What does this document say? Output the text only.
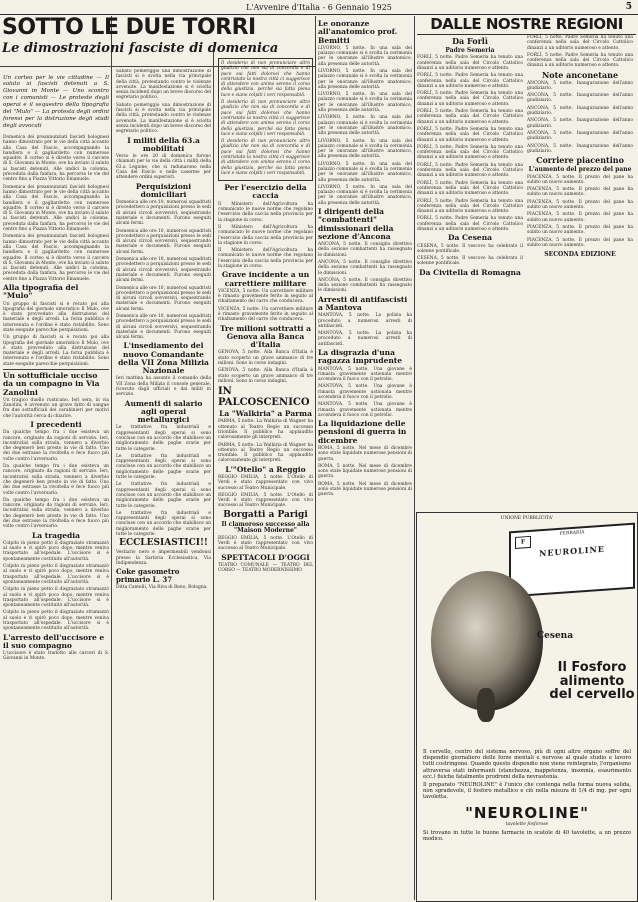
L'Avvenire d'Italia - 6 Gennaio 1925	5
SOTTO LE DUE TORRI
Le dimostrazioni fasciste di domenica

Un corteo per le vie cittadine — Il saluto ai fascisti detenuti a S. Giovanni in Monte — Uno scontro con i comunisti — Le proteste degli operai e il sequestro della tipografia del "Mulo" — La protesta degli ordini forensi per la distruzione degli studi degli avvocati

Domenica dei preannunziati fascisti bolognesi hanno dimostrato per le vie della città accanto alla Casa del Fascio, accompagnando la bandiera e il gagliardetto con numerose squadre. Il corteo si è diretto verso il carcere di S. Giovanni in Monte, ove ha inviato il saluto ai fascisti detenuti. Alle undici la colonna, preceduta dalla fanfara, ha percorso le vie del centro fino a Piazza Vittorio Emanuele.

Domenica dei preannunziati fascisti bolognesi hanno dimostrato per le vie della città accanto alla Casa del Fascio, accompagnando la bandiera e il gagliardetto con numerose squadre. Il corteo si è diretto verso il carcere di S. Giovanni in Monte, ove ha inviato il saluto ai fascisti detenuti. Alle undici la colonna, preceduta dalla fanfara, ha percorso le vie del centro fino a Piazza Vittorio Emanuele.

Domenica dei preannunziati fascisti bolognesi hanno dimostrato per le vie della città accanto alla Casa del Fascio, accompagnando la bandiera e il gagliardetto con numerose squadre. Il corteo si è diretto verso il carcere di S. Giovanni in Monte, ove ha inviato il saluto ai fascisti detenuti. Alle undici la colonna, preceduta dalla fanfara, ha percorso le vie del centro fino a Piazza Vittorio Emanuele.

Alla tipografia del "Mulo"

Un gruppo di fascisti si è recato poi alla tipografia del giornale umoristico Il Mulo, ove è stato provveduto alla distruzione del materiale e degli arredi. La forza pubblica è intervenuta e l'ordine è stato ristabilito. Sono state eseguite parecchie perquisizioni.

Un gruppo di fascisti si è recato poi alla tipografia del giornale umoristico Il Mulo, ove è stato provveduto alla distruzione del materiale e degli arredi. La forza pubblica è intervenuta e l'ordine è stato ristabilito. Sono state eseguite parecchie perquisizioni.

Un sottufficiale ucciso da un compagno in Via Zanolini

Un tragico duello rusticano. Ieri sera, in via Zanolini, è avvenuto un grave fatto di sangue fra due sottufficiali dei carabinieri per motivi che l'autorità cerca di chiarire.

I precedenti

Da qualche tempo fra i due esisteva un rancore, originato da ragioni di servizio. Ieri, incontratisi sulla strada, vennero a diverbio che degenerò ben presto in vie di fatto. Uno dei due estrasse la rivoltella e fece fuoco più volte contro l'avversario.

Da qualche tempo fra i due esisteva un rancore, originato da ragioni di servizio. Ieri, incontratisi sulla strada, vennero a diverbio che degenerò ben presto in vie di fatto. Uno dei due estrasse la rivoltella e fece fuoco più volte contro l'avversario.

Da qualche tempo fra i due esisteva un rancore, originato da ragioni di servizio. Ieri, incontratisi sulla strada, vennero a diverbio che degenerò ben presto in vie di fatto. Uno dei due estrasse la rivoltella e fece fuoco più volte contro l'avversario.

La tragedia

Colpito in pieno petto il disgraziato stramazzò al suolo e vi spirò poco dopo, mentre veniva trasportato all'ospedale. L'uccisore si è spontaneamente costituito all'autorità.

Colpito in pieno petto il disgraziato stramazzò al suolo e vi spirò poco dopo, mentre veniva trasportato all'ospedale. L'uccisore si è spontaneamente costituito all'autorità.

Colpito in pieno petto il disgraziato stramazzò al suolo e vi spirò poco dopo, mentre veniva trasportato all'ospedale. L'uccisore si è spontaneamente costituito all'autorità.

Colpito in pieno petto il disgraziato stramazzò al suolo e vi spirò poco dopo, mentre veniva trasportato all'ospedale. L'uccisore si è spontaneamente costituito all'autorità.

L'arresto dell'uccisore e il suo compagno

L'uccisore è stato tradotto alle carceri di S. Giovanni in Monte.

Sabato pomeriggio una dimostrazione di fascisti si è svolta nella via principale della città, protestando contro le violenze avvenute. La manifestazione si è sciolta senza incidenti dopo un breve discorso del segretario politico.

Sabato pomeriggio una dimostrazione di fascisti si è svolta nella via principale della città, protestando contro le violenze avvenute. La manifestazione si è sciolta senza incidenti dopo un breve discorso del segretario politico.

I militi della 63.a mobilitati

Verso le ore 20 di domenica furono chiamati per le vie della città i militi della 63.a Legione, che si radunarono nella Casa del Fascio e nelle caserme per attendere ordini superiori.

Perquisizioni domiciliari

Domenica alle ore 10, numerosi squadristi procedettero a perquisizioni presso le sedi di alcuni circoli sovversivi, sequestrando materiale e documenti. Furono eseguiti alcuni fermi.

Domenica alle ore 10, numerosi squadristi procedettero a perquisizioni presso le sedi di alcuni circoli sovversivi, sequestrando materiale e documenti. Furono eseguiti alcuni fermi.

Domenica alle ore 10, numerosi squadristi procedettero a perquisizioni presso le sedi di alcuni circoli sovversivi, sequestrando materiale e documenti. Furono eseguiti alcuni fermi.

Domenica alle ore 10, numerosi squadristi procedettero a perquisizioni presso le sedi di alcuni circoli sovversivi, sequestrando materiale e documenti. Furono eseguiti alcuni fermi.

Domenica alle ore 10, numerosi squadristi procedettero a perquisizioni presso le sedi di alcuni circoli sovversivi, sequestrando materiale e documenti. Furono eseguiti alcuni fermi.

L'insediamento del nuovo Comandante della VII Zona Milizia Nazionale

Ieri mattina ha assunto il comando della VII Zona della Milizia il console generale, ricevuto dagli ufficiali e dai militi in servizio.

Aumenti di salario agli operai metallurgici

Le trattative fra industriali e rappresentanti degli operai si sono concluse con un accordo che stabilisce un miglioramento delle paghe orarie per tutte le categorie.

Le trattative fra industriali e rappresentanti degli operai si sono concluse con un accordo che stabilisce un miglioramento delle paghe orarie per tutte le categorie.

Le trattative fra industriali e rappresentanti degli operai si sono concluse con un accordo che stabilisce un miglioramento delle paghe orarie per tutte le categorie.

Le trattative fra industriali e rappresentanti degli operai si sono concluse con un accordo che stabilisce un miglioramento delle paghe orarie per tutte le categorie.

ECCLESIASTICI!!

Vestiario nero e impermeabili vendonsi presso la Sartoria Ecclesiastica, Via Indipendenza.

Coke gasometro primario L. 37

Ditta Cantelli, Via Riva di Reno, Bologna.

Il desiderio di non pronunciare altro giudizio che non sia di concordia e di pace sui fatti dolorosi che hanno contristato la nostra città ci suggerisce di attendere con animo sereno il corso della giustizia, perché sia fatta piena luce e siano colpiti i veri responsabili.

Il desiderio di non pronunciare altro giudizio che non sia di concordia e di pace sui fatti dolorosi che hanno contristato la nostra città ci suggerisce di attendere con animo sereno il corso della giustizia, perché sia fatta piena luce e siano colpiti i veri responsabili.

Il desiderio di non pronunciare altro giudizio che non sia di concordia e di pace sui fatti dolorosi che hanno contristato la nostra città ci suggerisce di attendere con animo sereno il corso della giustizia, perché sia fatta piena luce e siano colpiti i veri responsabili.

Per l'esercizio della caccia

Il Ministero dell'Agricoltura ha comunicato le nuove norme che regolano l'esercizio della caccia nella provincia per la stagione in corso.

Il Ministero dell'Agricoltura ha comunicato le nuove norme che regolano l'esercizio della caccia nella provincia per la stagione in corso.

Il Ministero dell'Agricoltura ha comunicato le nuove norme che regolano l'esercizio della caccia nella provincia per la stagione in corso.

Grave incidente a un carrettiere militare

VICENZA, 5 notte. Un carrettiere militare è rimasto gravemente ferito in seguito al ribaltamento del carro che conduceva.

VICENZA, 5 notte. Un carrettiere militare è rimasto gravemente ferito in seguito al ribaltamento del carro che conduceva.

Tre milioni sottratti a Genova alla Banca d'Italia

GENOVA, 5 notte. Alla Banca d'Italia è stato scoperto un grave ammanco di tre milioni. Sono in corso indagini.

GENOVA, 5 notte. Alla Banca d'Italia è stato scoperto un grave ammanco di tre milioni. Sono in corso indagini.

IN PALCOSCENICO
La "Walkiria" a Parma

PARMA, 5 notte. La Walkiria di Wagner ha ottenuto al Teatro Regio un successo trionfale. Il pubblico ha applaudito calorosamente gli interpreti.

PARMA, 5 notte. La Walkiria di Wagner ha ottenuto al Teatro Regio un successo trionfale. Il pubblico ha applaudito calorosamente gli interpreti.

L'"Otello" a Reggio

REGGIO EMILIA, 5 notte. L'Otello di Verdi è stato rappresentato con vivo successo al Teatro Municipale.

REGGIO EMILIA, 5 notte. L'Otello di Verdi è stato rappresentato con vivo successo al Teatro Municipale.

Borgatti a Parigi
Il clamoroso successo alla "Maison Moderne"

REGGIO EMILIA, 5 notte. L'Otello di Verdi è stato rappresentato con vivo successo al Teatro Municipale.

SPETTACOLI D'OGGI

TEATRO COMUNALE — TEATRO DEL CORSO — TEATRO MODERNISSIMO

Le onoranze all'anatomico prof. Bemitti

LIVORNO, 5 notte. In una sala del palazzo comunale si è svolta la cerimonia per le onoranze all'illustre anatomico, alla presenza delle autorità.

LIVORNO, 5 notte. In una sala del palazzo comunale si è svolta la cerimonia per le onoranze all'illustre anatomico, alla presenza delle autorità.

LIVORNO, 5 notte. In una sala del palazzo comunale si è svolta la cerimonia per le onoranze all'illustre anatomico, alla presenza delle autorità.

LIVORNO, 5 notte. In una sala del palazzo comunale si è svolta la cerimonia per le onoranze all'illustre anatomico, alla presenza delle autorità.

LIVORNO, 5 notte. In una sala del palazzo comunale si è svolta la cerimonia per le onoranze all'illustre anatomico, alla presenza delle autorità.

LIVORNO, 5 notte. In una sala del palazzo comunale si è svolta la cerimonia per le onoranze all'illustre anatomico, alla presenza delle autorità.

LIVORNO, 5 notte. In una sala del palazzo comunale si è svolta la cerimonia per le onoranze all'illustre anatomico, alla presenza delle autorità.

I dirigenti della "combattenti" dimissionari della sezione d'Ancona

ANCONA, 5 notte. Il consiglio direttivo della sezione combattenti ha rassegnato le dimissioni.

ANCONA, 5 notte. Il consiglio direttivo della sezione combattenti ha rassegnato le dimissioni.

ANCONA, 5 notte. Il consiglio direttivo della sezione combattenti ha rassegnato le dimissioni.

Arresti di antifascisti a Mantova

MANTOVA, 5 notte. La polizia ha proceduto a numerosi arresti di antifascisti.

MANTOVA, 5 notte. La polizia ha proceduto a numerosi arresti di antifascisti.

La disgrazia d'una ragazza imprudente

MANTOVA, 5 notte. Una giovane è rimasta gravemente ustionata mentre accendeva il fuoco con il petrolio.

MANTOVA, 5 notte. Una giovane è rimasta gravemente ustionata mentre accendeva il fuoco con il petrolio.

MANTOVA, 5 notte. Una giovane è rimasta gravemente ustionata mentre accendeva il fuoco con il petrolio.

La liquidazione delle pensioni di guerra in dicembre

ROMA, 5 notte. Nel mese di dicembre sono state liquidate numerose pensioni di guerra.

ROMA, 5 notte. Nel mese di dicembre sono state liquidate numerose pensioni di guerra.

ROMA, 5 notte. Nel mese di dicembre sono state liquidate numerose pensioni di guerra.

DALLE NOSTRE REGIONI
Da Forlì
Padre Semeria

FORLÌ, 5 notte. Padre Semeria ha tenuto una conferenza nella sala del Circolo Cattolico dinanzi a un uditorio numeroso e attento.

FORLÌ, 5 notte. Padre Semeria ha tenuto una conferenza nella sala del Circolo Cattolico dinanzi a un uditorio numeroso e attento.

FORLÌ, 5 notte. Padre Semeria ha tenuto una conferenza nella sala del Circolo Cattolico dinanzi a un uditorio numeroso e attento.

FORLÌ, 5 notte. Padre Semeria ha tenuto una conferenza nella sala del Circolo Cattolico dinanzi a un uditorio numeroso e attento.

FORLÌ, 5 notte. Padre Semeria ha tenuto una conferenza nella sala del Circolo Cattolico dinanzi a un uditorio numeroso e attento.

FORLÌ, 5 notte. Padre Semeria ha tenuto una conferenza nella sala del Circolo Cattolico dinanzi a un uditorio numeroso e attento.

FORLÌ, 5 notte. Padre Semeria ha tenuto una conferenza nella sala del Circolo Cattolico dinanzi a un uditorio numeroso e attento.

FORLÌ, 5 notte. Padre Semeria ha tenuto una conferenza nella sala del Circolo Cattolico dinanzi a un uditorio numeroso e attento.

FORLÌ, 5 notte. Padre Semeria ha tenuto una conferenza nella sala del Circolo Cattolico dinanzi a un uditorio numeroso e attento.

FORLÌ, 5 notte. Padre Semeria ha tenuto una conferenza nella sala del Circolo Cattolico dinanzi a un uditorio numeroso e attento.

Da Cesena

CESENA, 5 notte. Il vescovo ha celebrato il solenne pontificale.

CESENA, 5 notte. Il vescovo ha celebrato il solenne pontificale.

Da Civitella di Romagna

FORLÌ, 5 notte. Padre Semeria ha tenuto una conferenza nella sala del Circolo Cattolico dinanzi a un uditorio numeroso e attento.

FORLÌ, 5 notte. Padre Semeria ha tenuto una conferenza nella sala del Circolo Cattolico dinanzi a un uditorio numeroso e attento.

Note anconetane

ANCONA, 5 notte. Inaugurazione dell'anno giudiziario.

ANCONA, 5 notte. Inaugurazione dell'anno giudiziario.

ANCONA, 5 notte. Inaugurazione dell'anno giudiziario.

ANCONA, 5 notte. Inaugurazione dell'anno giudiziario.

ANCONA, 5 notte. Inaugurazione dell'anno giudiziario.

ANCONA, 5 notte. Inaugurazione dell'anno giudiziario.

Corriere piacentino
L'aumento del prezzo del pane

PIACENZA, 5 notte. Il prezzo del pane ha subito un nuovo aumento.

PIACENZA, 5 notte. Il prezzo del pane ha subito un nuovo aumento.

PIACENZA, 5 notte. Il prezzo del pane ha subito un nuovo aumento.

PIACENZA, 5 notte. Il prezzo del pane ha subito un nuovo aumento.

PIACENZA, 5 notte. Il prezzo del pane ha subito un nuovo aumento.

PIACENZA, 5 notte. Il prezzo del pane ha subito un nuovo aumento.

SECONDA EDIZIONE
UNIONE PUBBLICITA'
F
FERRARIA
NEUROLINE
Cesena
Il Fosforo alimento del cervello

Il cervello, centro del sistema nervoso, più di ogni altro organo soffre del dispendio giornaliero delle forze mentali e nervose al quale studio e lavoro tutti costringono. Quando questo dispendio non viene reintegrato, l'organismo attraversa stati infermanti (stanchezza, inappetenza, insonnia, esaurimento ecc.) fisiche fatalmente prodromi della nevrastenia.

Il preparato "NEUROLINE" è l'unico che contenga nella forma nuova solida, non sgradevole, il fosforo metallico e ciò nella misura di 1/4 di mg. per ogni tavoletta.

"NEUROLINE"
tavolette fosforose

Si trovano in tutte le buone farmacie in scatole di 40 tavolette, a un prezzo modico.
